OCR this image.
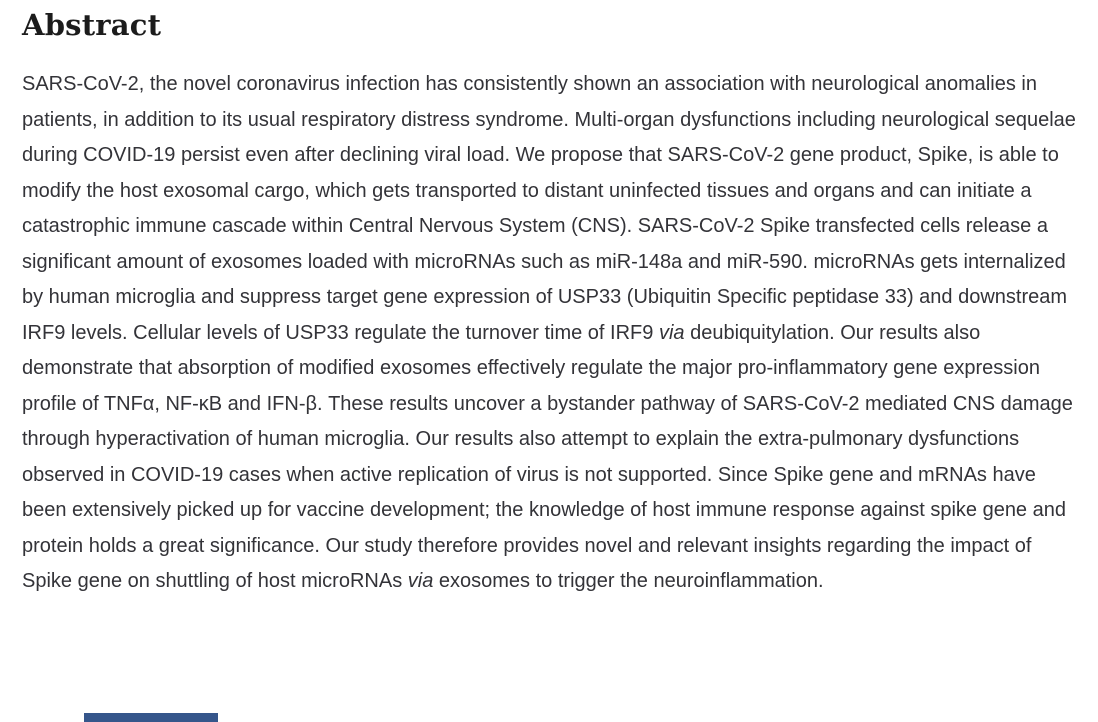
Abstract

SARS-CoV-2, the novel coronavirus infection has consistently shown an association with neurological anomalies in patients, in addition to its usual respiratory distress syndrome. Multi-organ dysfunctions including neurological sequelae during COVID-19 persist even after declining viral load. We propose that SARS-CoV-2 gene product, Spike, is able to modify the host exosomal cargo, which gets transported to distant uninfected tissues and organs and can initiate a catastrophic immune cascade within Central Nervous System (CNS). SARS-CoV-2 Spike transfected cells release a significant amount of exosomes loaded with microRNAs such as miR-148a and miR-590. microRNAs gets internalized by human microglia and suppress target gene expression of USP33 (Ubiquitin Specific peptidase 33) and downstream IRF9 levels. Cellular levels of USP33 regulate the turnover time of IRF9 via deubiquitylation. Our results also demonstrate that absorption of modified exosomes effectively regulate the major pro-inflammatory gene expression profile of TNFα, NF-κB and IFN-β. These results uncover a bystander pathway of SARS-CoV-2 mediated CNS damage through hyperactivation of human microglia. Our results also attempt to explain the extra-pulmonary dysfunctions observed in COVID-19 cases when active replication of virus is not supported. Since Spike gene and mRNAs have been extensively picked up for vaccine development; the knowledge of host immune response against spike gene and protein holds a great significance. Our study therefore provides novel and relevant insights regarding the impact of Spike gene on shuttling of host microRNAs via exosomes to trigger the neuroinflammation.
